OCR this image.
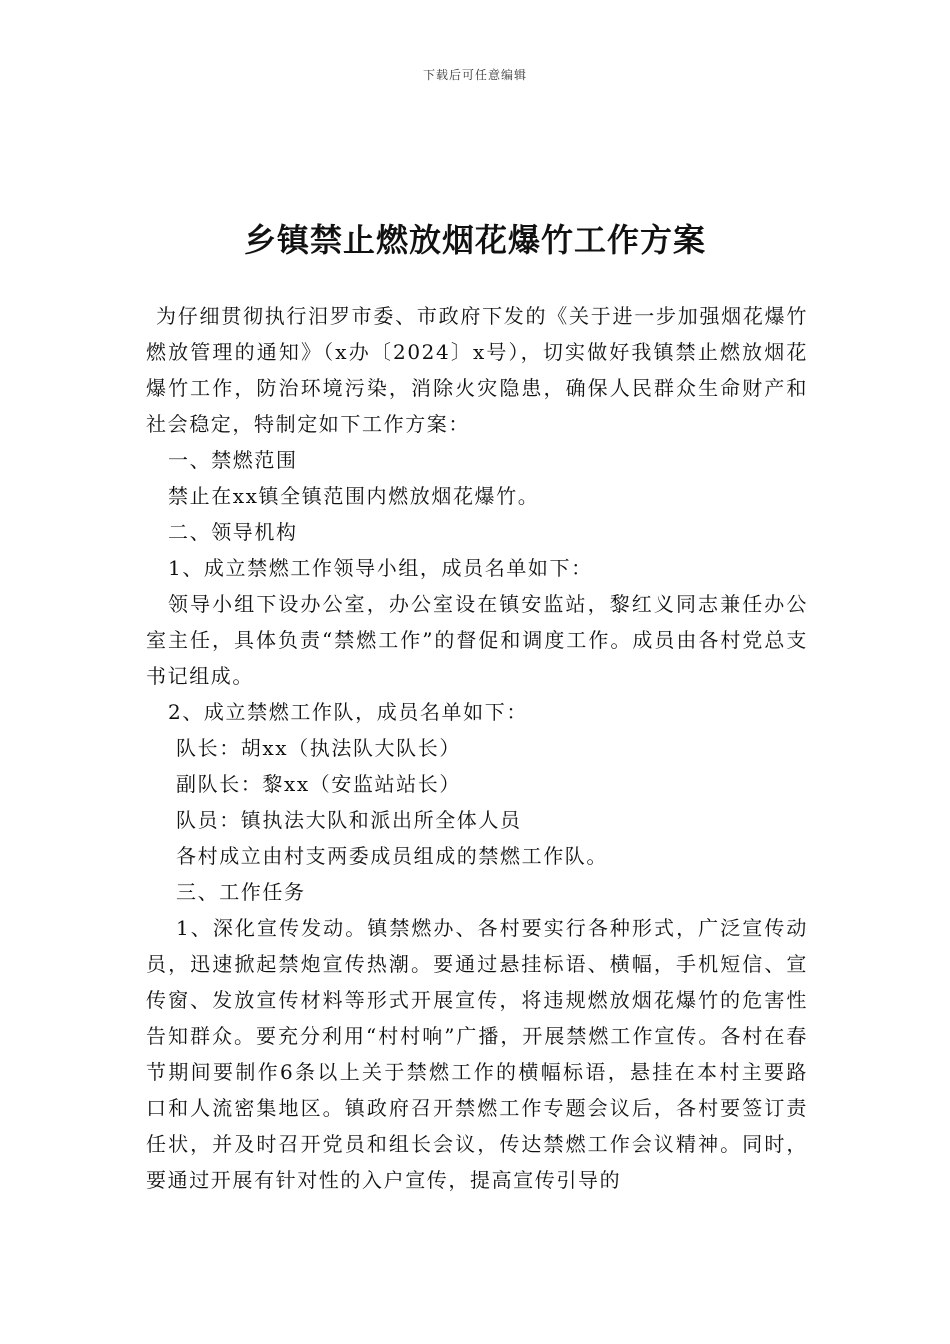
下载后可任意编辑
乡镇禁止燃放烟花爆竹工作方案

为仔细贯彻执行汨罗市委、市政府下发的《关于进一步加强烟花爆竹燃放管理的通知》（x办〔2024〕x号），切实做好我镇禁止燃放烟花爆竹工作，防治环境污染，消除火灾隐患，确保人民群众生命财产和社会稳定，特制定如下工作方案：

一、禁燃范围

禁止在xx镇全镇范围内燃放烟花爆竹。

二、领导机构

1、成立禁燃工作领导小组，成员名单如下：

领导小组下设办公室，办公室设在镇安监站，黎红义同志兼任办公室主任，具体负责“禁燃工作”的督促和调度工作。成员由各村党总支书记组成。

2、成立禁燃工作队，成员名单如下：

队长：胡xx（执法队大队长）

副队长：黎xx（安监站站长）

队员：镇执法大队和派出所全体人员

各村成立由村支两委成员组成的禁燃工作队。

三、工作任务

1、深化宣传发动。镇禁燃办、各村要实行各种形式，广泛宣传动员，迅速掀起禁炮宣传热潮。要通过悬挂标语、横幅，手机短信、宣传窗、发放宣传材料等形式开展宣传，将违规燃放烟花爆竹的危害性告知群众。要充分利用“村村响”广播，开展禁燃工作宣传。各村在春节期间要制作6条以上关于禁燃工作的横幅标语，悬挂在本村主要路口和人流密集地区。镇政府召开禁燃工作专题会议后，各村要签订责任状，并及时召开党员和组长会议，传达禁燃工作会议精神。同时，要通过开展有针对性的入户宣传，提高宣传引导的
